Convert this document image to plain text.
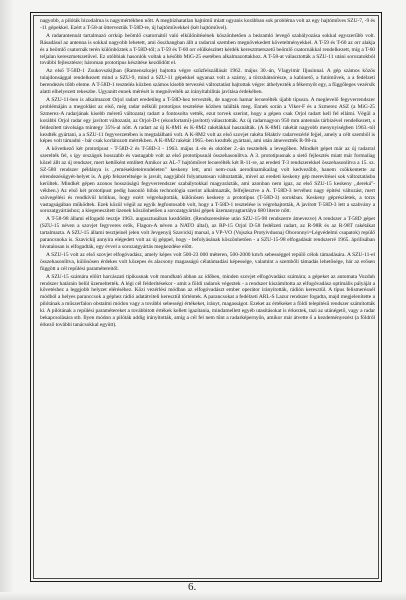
nagyobb, a pilóták bizodalma is nagymértékben nőtt. A megbízhatatlan hajtómű miatt ugyanis korábban sok probléma volt az egy hajtóműves SZU-7, -9 és -11 gépekkel. Ezért a T-58-at ötterveztük T-58D-re, új hajtóművekkel (két hajtóművel).

A radarantennát tartalmazó orrkúp beömlő csatornától való elkülönítésének köszönhetően a beáramló levegő szabályozása sokkal egyszerűbb volt. Rásadásul az antenna is sokkal nagyobb lehetett, ami összhangban állt a radarral szemben megnövekedett követelményekkel. A T-59 és T-60 az orr alakja és a beömlő csatornák terén különböztek a T-58D-től; a T-59 és T-60 orr elülkészített kérdék keresztmetszetű beömlő csatornákkal rendelkezett, míg a T-60 teljalan kereszmetszetűvel. Ez utóbbiak hasonlók voltak a később MiG-25 esetében alkalmazottakhoz. A T-58-at választották a SZU-11 utáni sorozatokból további fejlesztésre; hároman prototípus készítése kezdődött el.

Az első T-58D-1 Zsukovszkijban (Ramenszkoje) hajtotta végre szűzfelszállását 1962. május 30.-án, Vlagyimir Iljusinnal. A gép számos közös tulajdonsággal rendelkezett mind a SZU-9, mind a SZU-11 gépekkel ugyanaz volt a szárny, a törzshátsórésze, a kabinető, a futóművek, a a fedélzeti berendezés több eleme. A T-58D-1 teszteléa közben számos kisebb tervezési változtatást hajtottak végre: áthelyezték a fékernyőt egy, a függőleges vezérsík alatti elhelyezett rekeszbe. Ugyanitt ennek mérését is megnövelték az irányítabilitás javítása érdekében.

A SZU-11-ben is alkalmazott Orjol radart eredetileg a T-58D-hez tervezték, de nagyon hamar lecserélték újabb típusra. A meglevelő fegyverrendszer problémáján a megoldást az első, még radar nélküli prototípus tesztelése közben találták meg. Ennek során a Viker-F és a Szmerez ASZ (a MiG-25 Szmerez-A radarjának kisebb méretű változata) radart a fontosolta vették, ezut torvek szerint, hogy a gépen csak Orjol radart kell fel ellátni. Végül a korábbi Orjol radar egy javított változatát, az Orjol-D-t (ekonfortami)-javított) választották. Az új radarnagyon 950 mm antennás tárbizével rendelkezett, s feldezített távolsága mintegy 35%-al nőtt. A radart az új K-8M1 és K-8M2 rakétákkal használták. (A K-8M1 rakétát nagyobb menynyiségben 1963.-tól kezdték gyártani, a a SZU-11 fegyverzetében is megtalálható volt. A K-8M2 volt az első szovjet rakéta félaktív radarvezérlé fejjel, amely a célt szemből is képes volt támadni - bár csak korlátozott mértékben. A K-8M2 rakétát 1965.-ben kezdték gyártani, ami után átneveztték R-98-ra.

A következő két prototípust - T-58D-2 és T-58D-3 - 1963. május 4.-én és október 2.-án tesztelték a levegőben. Mindkét gépet már az új radarral szerelték fel, s így országok hosszabb és vastagabb volt az első prototípusnál összehasonlítva. A 3. prototípusnak a siető fejlesztés miatt már formailag közel állt az új rendszer, mert kettőként említett Amikor az AL-7 hajtóművet lecserélték két R-11-re, az eredeti T-3 rendszerekkel összehasonlítva a 15. sz. SZ-580 rendszer példánya is ,,remésekleteirendeleten" keskeny lett, ami nem-csak aerodinamikailag volt kedvezőbb, hanem csökkentette az elrendezésügyét-helyet is. A gép felszereltsége is javult, nagyjából folyamatosan változtatták, mivel az eredeti keskeny gép merevítései sok változtatásba kerültek. Mindkét gépen azonos hosszúságú fegyverrendszer szabálytokkal magyarázták, ami azonban nem igaz, az első SZU-15 keskeny ,,dereká"-vékben.) Az első két prototípust pedig hasonló hibás technológia szerint alkalmazták, felfejlesztve a A. T-58D-3 tervéhez nagy építési változást, mert szövegélési és rendkívül kritikus, hogy ezért végrehajtották, különösen keskeny a prototípus (T-58D-3) sorokban. Keskeny géprészletek, a torzs vastagságában működtek. Ezek közül végül az egyik legfontosabb volt, hogy a T-58D-1 tesztelése is végrehajtották, A javított T-58D-3 lett a szabvány a sorozatgyártáshoz; a kiegeneszített üzenek köszönhetően a sorozatgyártási gépek üzemanyagtartálya 680 literre nőtt.

A T-58-98 állami elfogadó tesztje 1963. augusztusában kezdődött. (Rendszeresítése után SZU-15-98 rendszerre átnevezve) A rendszer a T-58D gépet (SZU-15 néven a szovjet fegyveres erők, Flagon-A néven a NATO által), az RP-15 Orjol D-58 fedélzeti radart, az R-98R és az R-98T rakétákat tartalmazta. A SZU-15 állami tesztjeinél jelen volt Jevgenyij Szavickij marsal, a VP-VO (Vojszka Protyivdusnaj Oboronnyi=Légvédelmi csapatok) repülő parancsnoka is. Szavickij annyira elégedett volt az új géppel, hogy - befolyásának köszönhetően - a SZU-15-98 elfogadását rendszerré 1965. áprilisában hivatalosan is elfogadták, egy évvel a sorozatgyártás megkezdése előtt.

A SZU-15 volt az első szovjet elfogóvadász, amely képes volt 500-23 000 méteren, 500-2000 km/h sebességgel repülő célok támadására. A SZU-11-el összehasonlítva, különösen érdekes volt közepes és alacsony magasságú célatámadási képessége, valamint a szembőli támadás lehetősége, bár az erősen függött a cél repülési paramétereitől.

A SZU-15 számára előírt harcászati tipikusnak volt mondható abban az időben, minden szovjet elfogóvadász számára; a gépeket az automata Vozduh rendszer határain belül üzemeltették. A légi cél felderítésekor - amit a földi radarok végeztek - a rendszer kiszámította az elfogóvadász optimális pályáját a követéshez a leggjobb helyzet eléréséhez. Közi vezérlési módban az elfogóvadászt ember operátor irányították, rádión keresztül. A típus felismerésnél módból a helyes paranccsok a géphez rádió adatátviteli keresztül történtek. A parancsokat a fedélzeti ARL-S Lazur rendszer fogadta, majd megjelenítette a pilótának a műszerfalon obstalmi módon vagy a további sebességi értékeket, irányt, magasságot. Ezeket az értékeket a földi telepítésű rendszer számították ki. A pilótának a repülési paramétereket a továbbitott értékek kellett igazítania, mindamellett egyéb utasításokat is érkeztek, tazi az utánégető, vagy a radar bekapcsolására stb. Ilyen módon a pilóták addig irányították, amíg a cél fel nem tűnt a radarképernyőn, amikor már átvette ő a kezdeményezést (a földről érkező további tanácsokkal együtt).

6.
